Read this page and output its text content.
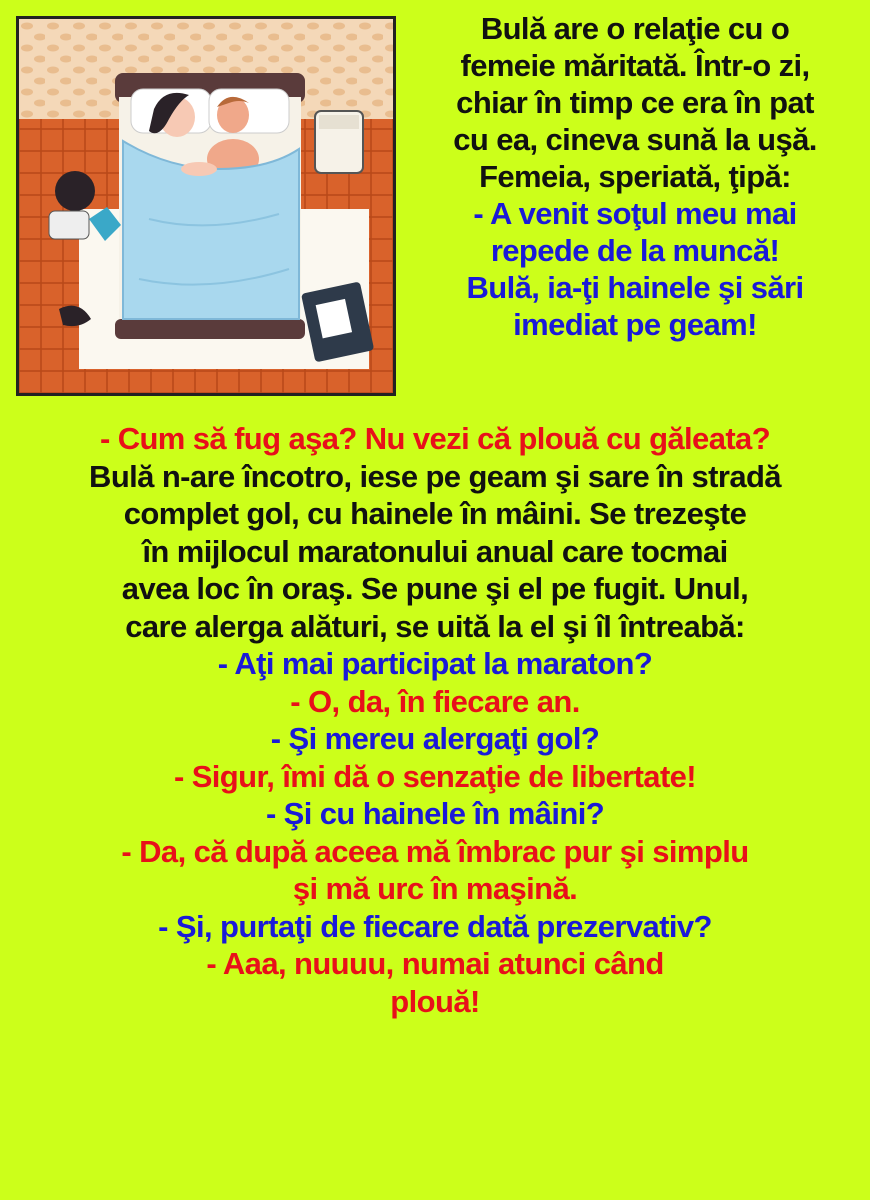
Bulă are o relaţie cu o

femeie măritată. Într-o zi,

chiar în timp ce era în pat

cu ea, cineva sună la uşă.

Femeia, speriată, ţipă:

- A venit soţul meu mai

repede de la muncă!

Bulă, ia-ţi hainele şi sări

imediat pe geam!

- Cum să fug aşa? Nu vezi că plouă cu găleata?

Bulă n-are încotro, iese pe geam şi sare în stradă

complet gol, cu hainele în mâini. Se trezeşte

în mijlocul maratonului anual care tocmai

avea loc în oraş. Se pune şi el pe fugit. Unul,

care alerga alături, se uită la el şi îl întreabă:

- Aţi mai participat la maraton?

- O, da, în fiecare an.

- Şi mereu alergaţi gol?

- Sigur, îmi dă o senzaţie de libertate!

- Şi cu hainele în mâini?

- Da, că după aceea mă îmbrac pur şi simplu

şi mă urc în maşină.

- Şi, purtaţi de fiecare dată prezervativ?

- Aaa, nuuuu, numai atunci când

plouă!
